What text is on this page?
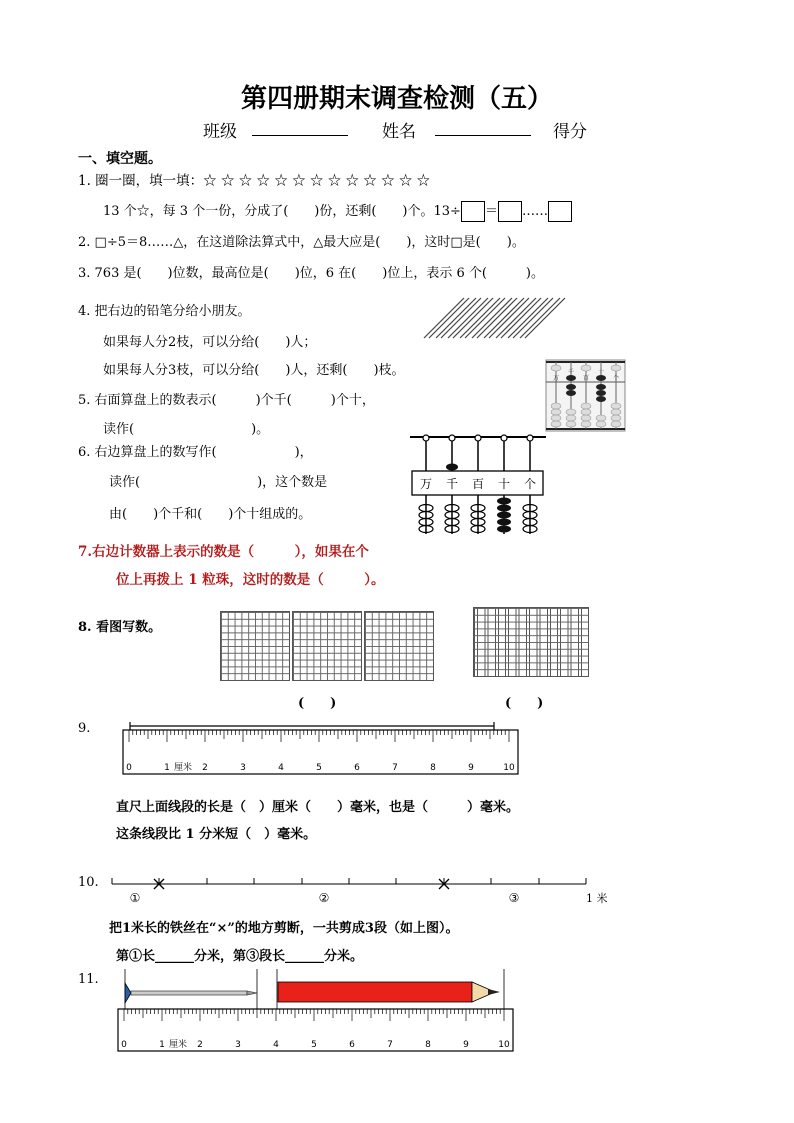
第四册期末调查检测（五）
班级	姓名	得分
一、填空题。
1. 圈一圈，填一填：☆ ☆ ☆ ☆ ☆ ☆ ☆ ☆ ☆ ☆ ☆ ☆ ☆
13 个☆，每 3 个一份，分成了(　　)份，还剩(　　)个。13÷ ＝ ……
2. □÷5＝8……△，在这道除法算式中，△最大应是(　　)，这时□是(　　)。
3. 763 是(　　)位数，最高位是(　　)位，6 在(　　)位上，表示 6 个(　　　)。
4. 把右边的铅笔分给小朋友。
如果每人分2枝，可以分给(　　)人；
如果每人分3枝，可以分给(　　)人，还剩(　　)枝。
5. 右面算盘上的数表示(　　　)个千(　　　)个十，
读作(　　　　　　　　　)。
万
千
百
十
个
6. 右边算盘上的数写作(　　　　　　)，
读作(　　　　　　　　　)，这个数是
由(　　)个千和(　　)个十组成的。
万 千 百 十 个
7.右边计数器上表示的数是（　　　），如果在个
位上再拨上 1 粒珠，这时的数是（　　　）。
8. 看图写数。
(　　)	(　　)
9.
0	1 厘米 2	3	4	5	6	7	8	9	10
直尺上面线段的长是（　）厘米（　　）毫米，也是（　　　）毫米。
这条线段比 1 分米短（　）毫米。
10.
①	②	③	1 米
把1米长的铁丝在“×”的地方剪断，一共剪成3段（如上图）。
第①长______分米，第③段长______分米。
11.
0	1 厘米 2	3	4	5	6	7	8	9	10
